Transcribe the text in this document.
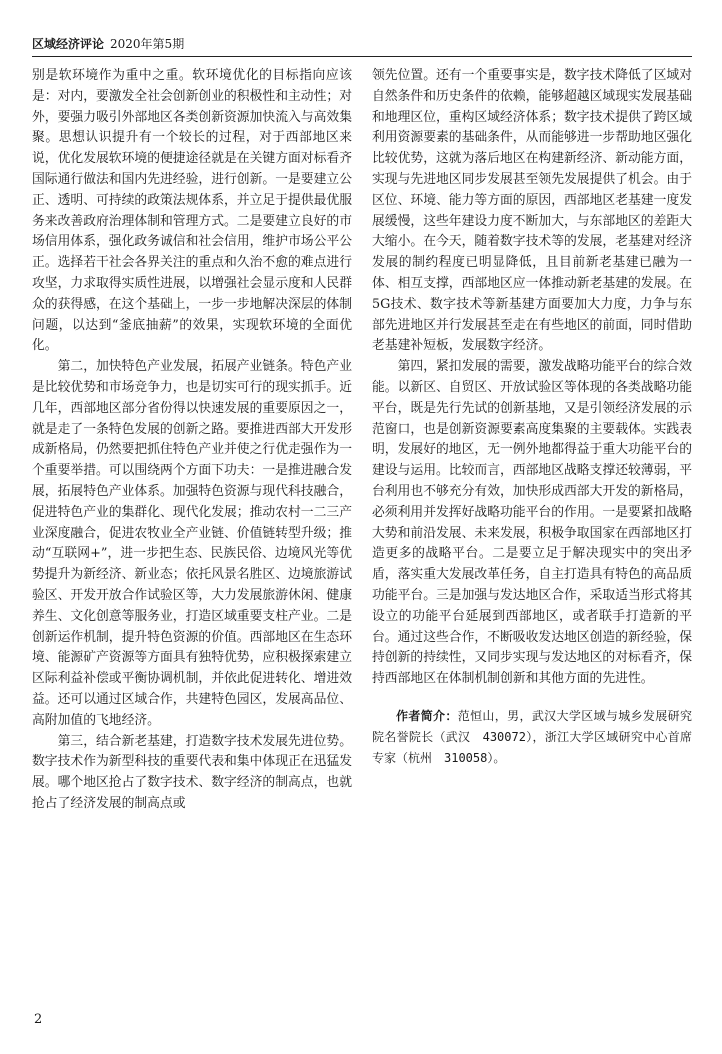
区域经济评论 2020年第5期

别是软环境作为重中之重。软环境优化的目标指向应该是：对内，要激发全社会创新创业的积极性和主动性；对外，要强力吸引外部地区各类创新资源加快流入与高效集聚。思想认识提升有一个较长的过程，对于西部地区来说，优化发展软环境的便捷途径就是在关键方面对标看齐国际通行做法和国内先进经验，进行创新。一是要建立公正、透明、可持续的政策法规体系，并立足于提供最优服务来改善政府治理体制和管理方式。二是要建立良好的市场信用体系，强化政务诚信和社会信用，维护市场公平公正。选择若干社会各界关注的重点和久治不愈的难点进行攻坚，力求取得实质性进展，以增强社会显示度和人民群众的获得感，在这个基础上，一步一步地解决深层的体制问题，以达到“釜底抽薪”的效果，实现软环境的全面优化。

第二，加快特色产业发展，拓展产业链条。特色产业是比较优势和市场竞争力，也是切实可行的现实抓手。近几年，西部地区部分省份得以快速发展的重要原因之一，就是走了一条特色发展的创新之路。要推进西部大开发形成新格局，仍然要把抓住特色产业并使之行优走强作为一个重要举措。可以围绕两个方面下功夫：一是推进融合发展，拓展特色产业体系。加强特色资源与现代科技融合，促进特色产业的集群化、现代化发展；推动农村一二三产业深度融合，促进农牧业全产业链、价值链转型升级；推动“互联网+”，进一步把生态、民族民俗、边境风光等优势提升为新经济、新业态；依托风景名胜区、边境旅游试验区、开发开放合作试验区等，大力发展旅游休闲、健康养生、文化创意等服务业，打造区域重要支柱产业。二是创新运作机制，提升特色资源的价值。西部地区在生态环境、能源矿产资源等方面具有独特优势，应积极探索建立区际利益补偿或平衡协调机制，并依此促进转化、增进效益。还可以通过区域合作，共建特色园区，发展高品位、高附加值的飞地经济。

第三，结合新老基建，打造数字技术发展先进位势。数字技术作为新型科技的重要代表和集中体现正在迅猛发展。哪个地区抢占了数字技术、数字经济的制高点，也就抢占了经济发展的制高点或

领先位置。还有一个重要事实是，数字技术降低了区域对自然条件和历史条件的依赖，能够超越区域现实发展基础和地理区位，重构区域经济体系；数字技术提供了跨区域利用资源要素的基础条件，从而能够进一步帮助地区强化比较优势，这就为落后地区在构建新经济、新动能方面，实现与先进地区同步发展甚至领先发展提供了机会。由于区位、环境、能力等方面的原因，西部地区老基建一度发展缓慢，这些年建设力度不断加大，与东部地区的差距大大缩小。在今天，随着数字技术等的发展，老基建对经济发展的制约程度已明显降低，且目前新老基建已融为一体、相互支撑，西部地区应一体推动新老基建的发展。在5G技术、数字技术等新基建方面要加大力度，力争与东部先进地区并行发展甚至走在有些地区的前面，同时借助老基建补短板，发展数字经济。

第四，紧扣发展的需要，激发战略功能平台的综合效能。以新区、自贸区、开放试验区等体现的各类战略功能平台，既是先行先试的创新基地，又是引领经济发展的示范窗口，也是创新资源要素高度集聚的主要载体。实践表明，发展好的地区，无一例外地都得益于重大功能平台的建设与运用。比较而言，西部地区战略支撑还较薄弱，平台利用也不够充分有效，加快形成西部大开发的新格局，必须利用并发挥好战略功能平台的作用。一是要紧扣战略大势和前沿发展、未来发展，积极争取国家在西部地区打造更多的战略平台。二是要立足于解决现实中的突出矛盾，落实重大发展改革任务，自主打造具有特色的高品质功能平台。三是加强与发达地区合作，采取适当形式将其设立的功能平台延展到西部地区，或者联手打造新的平台。通过这些合作，不断吸收发达地区创造的新经验，保持创新的持续性，又同步实现与发达地区的对标看齐，保持西部地区在体制机制创新和其他方面的先进性。

作者简介：范恒山，男，武汉大学区域与城乡发展研究院名誉院长（武汉　430072），浙江大学区域研究中心首席专家（杭州　310058）。

2
